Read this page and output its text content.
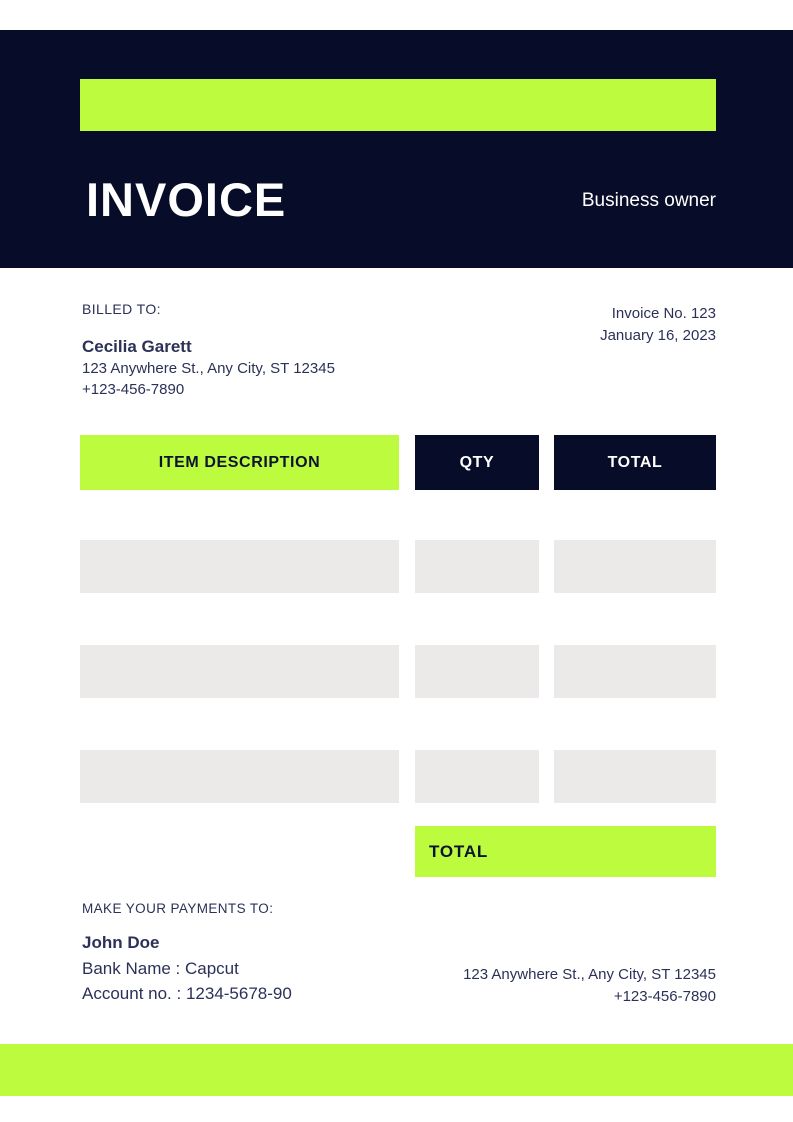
INVOICE	Business owner
BILLED TO:
Cecilia Garett
123 Anywhere St., Any City, ST 12345
+123-456-7890
Invoice No. 123
January 16, 2023
ITEM DESCRIPTION	QTY	TOTAL
TOTAL
MAKE YOUR PAYMENTS TO:
John Doe
Bank Name : Capcut
Account no. : 1234-5678-90
123 Anywhere St., Any City, ST 12345
+123-456-7890
